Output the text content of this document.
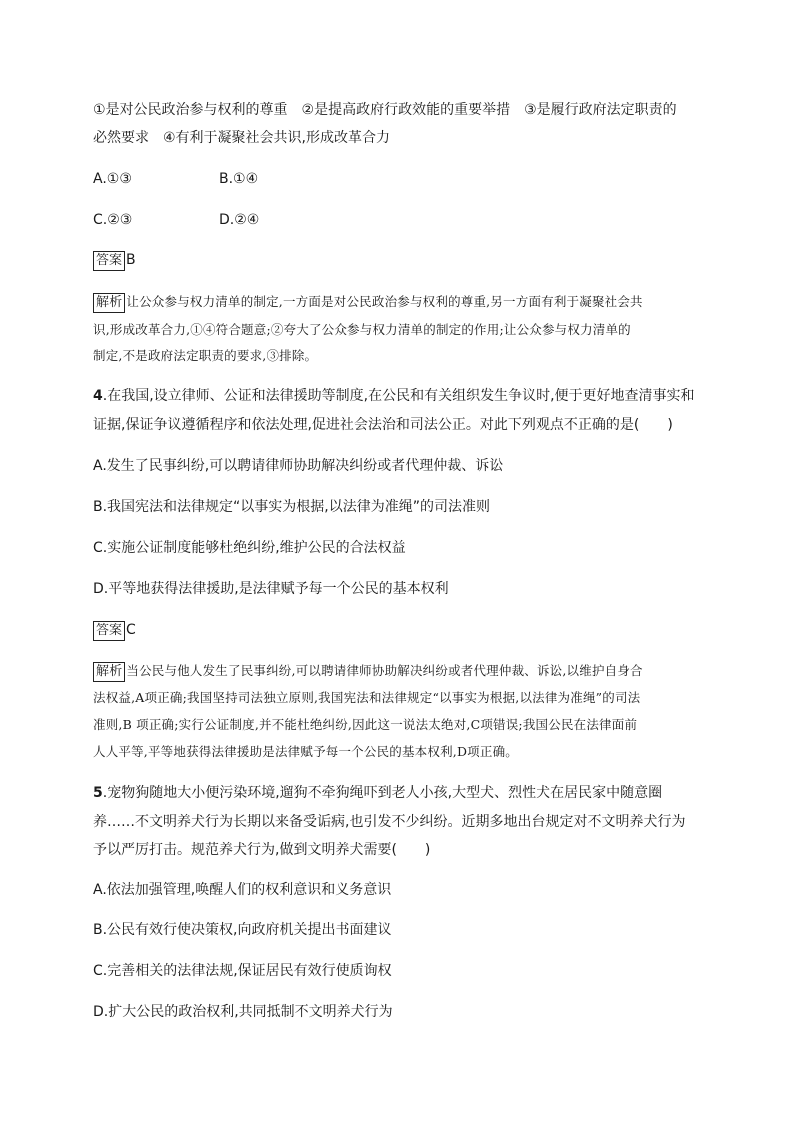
①是对公民政治参与权利的尊重　②是提高政府行政效能的重要举措　③是履行政府法定职责的
必然要求　④有利于凝聚社会共识,形成改革合力
A.①③	B.①④
C.②③	D.②④
答案 B
解析 让公众参与权力清单的制定,一方面是对公民政治参与权利的尊重,另一方面有利于凝聚社会共
识,形成改革合力,①④符合题意;②夸大了公众参与权力清单的制定的作用;让公众参与权力清单的
制定,不是政府法定职责的要求,③排除。
4.在我国,设立律师、公证和法律援助等制度,在公民和有关组织发生争议时,便于更好地查清事实和
证据,保证争议遵循程序和依法处理,促进社会法治和司法公正。对此下列观点不正确的是(　　)
A.发生了民事纠纷,可以聘请律师协助解决纠纷或者代理仲裁、诉讼
B.我国宪法和法律规定“以事实为根据,以法律为准绳”的司法准则
C.实施公证制度能够杜绝纠纷,维护公民的合法权益
D.平等地获得法律援助,是法律赋予每一个公民的基本权利
答案 C
解析 当公民与他人发生了民事纠纷,可以聘请律师协助解决纠纷或者代理仲裁、诉讼,以维护自身合
法权益,A项正确;我国坚持司法独立原则,我国宪法和法律规定“以事实为根据,以法律为准绳”的司法
准则,B 项正确;实行公证制度,并不能杜绝纠纷,因此这一说法太绝对,C项错误;我国公民在法律面前
人人平等,平等地获得法律援助是法律赋予每一个公民的基本权利,D项正确。
5.宠物狗随地大小便污染环境,遛狗不牵狗绳吓到老人小孩,大型犬、烈性犬在居民家中随意圈
养……不文明养犬行为长期以来备受诟病,也引发不少纠纷。近期多地出台规定对不文明养犬行为
予以严厉打击。规范养犬行为,做到文明养犬需要(　　)
A.依法加强管理,唤醒人们的权利意识和义务意识
B.公民有效行使决策权,向政府机关提出书面建议
C.完善相关的法律法规,保证居民有效行使质询权
D.扩大公民的政治权利,共同抵制不文明养犬行为
